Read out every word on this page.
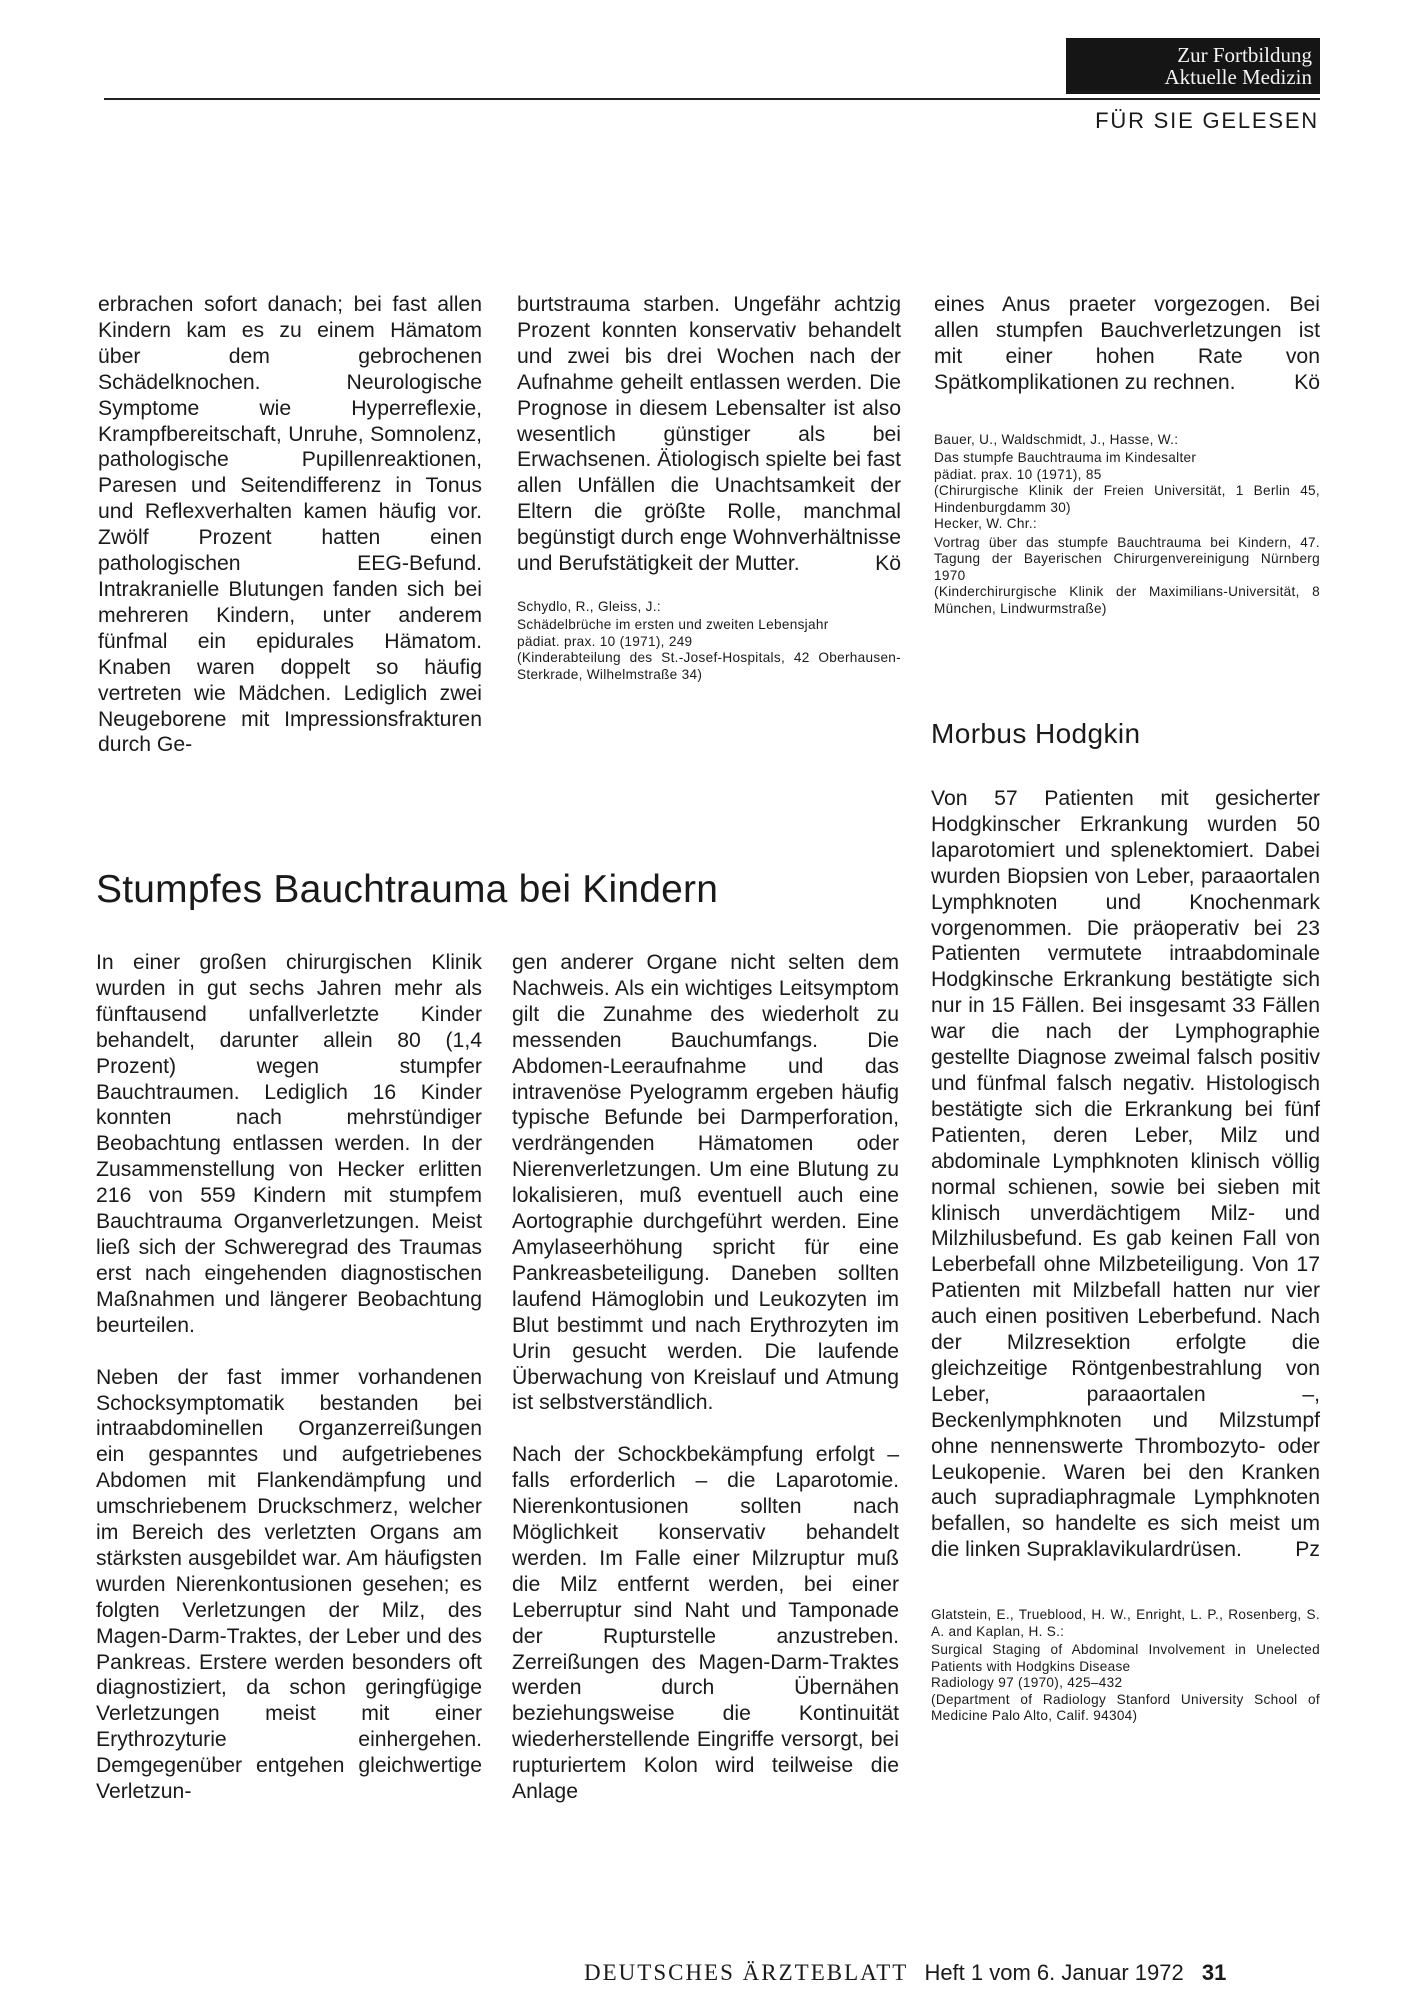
Zur Fortbildung
Aktuelle Medizin
FÜR SIE GELESEN

erbrachen sofort danach; bei fast allen Kindern kam es zu einem Hämatom über dem gebrochenen Schädelknochen. Neurologische Symptome wie Hyperreflexie, Krampfbereitschaft, Unruhe, Somnolenz, pathologische Pupillenreaktionen, Paresen und Seitendifferenz in Tonus und Reflexverhalten kamen häufig vor. Zwölf Prozent hatten einen pathologischen EEG-Befund. Intrakranielle Blutungen fanden sich bei mehreren Kindern, unter anderem fünfmal ein epidurales Hämatom. Knaben waren doppelt so häufig vertreten wie Mädchen. Lediglich zwei Neugeborene mit Impressionsfrakturen durch Ge-

burtstrauma starben. Ungefähr achtzig Prozent konnten konservativ behandelt und zwei bis drei Wochen nach der Aufnahme geheilt entlassen werden. Die Prognose in diesem Lebensalter ist also wesentlich günstiger als bei Erwachsenen. Ätiologisch spielte bei fast allen Unfällen die Unachtsamkeit der Eltern die größte Rolle, manchmal begünstigt durch enge Wohnverhältnisse und Berufstätigkeit der Mutter.	Kö

Schydlo, R., Gleiss, J.:
Schädelbrüche im ersten und zweiten Lebensjahr
pädiat. prax. 10 (1971), 249
(Kinderabteilung des St.-Josef-Hospitals, 42 Oberhausen-Sterkrade, Wilhelmstraße 34)
Stumpfes Bauchtrauma bei Kindern

In einer großen chirurgischen Klinik wurden in gut sechs Jahren mehr als fünftausend unfallverletzte Kinder behandelt, darunter allein 80 (1,4 Prozent) wegen stumpfer Bauchtraumen. Lediglich 16 Kinder konnten nach mehrstündiger Beobachtung entlassen werden. In der Zusammenstellung von Hecker erlitten 216 von 559 Kindern mit stumpfem Bauchtrauma Organverletzungen. Meist ließ sich der Schweregrad des Traumas erst nach eingehenden diagnostischen Maßnahmen und längerer Beobachtung beurteilen.

Neben der fast immer vorhandenen Schocksymptomatik bestanden bei intraabdominellen Organzerreißungen ein gespanntes und aufgetriebenes Abdomen mit Flankendämpfung und umschriebenem Druckschmerz, welcher im Bereich des verletzten Organs am stärksten ausgebildet war. Am häufigsten wurden Nierenkontusionen gesehen; es folgten Verletzungen der Milz, des Magen-Darm-Traktes, der Leber und des Pankreas. Erstere werden besonders oft diagnostiziert, da schon geringfügige Verletzungen meist mit einer Erythrozyturie einhergehen. Demgegenüber entgehen gleichwertige Verletzun-

gen anderer Organe nicht selten dem Nachweis. Als ein wichtiges Leitsymptom gilt die Zunahme des wiederholt zu messenden Bauchumfangs. Die Abdomen-Leeraufnahme und das intravenöse Pyelogramm ergeben häufig typische Befunde bei Darmperforation, verdrängenden Hämatomen oder Nierenverletzungen. Um eine Blutung zu lokalisieren, muß eventuell auch eine Aortographie durchgeführt werden. Eine Amylaseerhöhung spricht für eine Pankreasbeteiligung. Daneben sollten laufend Hämoglobin und Leukozyten im Blut bestimmt und nach Erythrozyten im Urin gesucht werden. Die laufende Überwachung von Kreislauf und Atmung ist selbstverständlich.

Nach der Schockbekämpfung erfolgt – falls erforderlich – die Laparotomie. Nierenkontusionen sollten nach Möglichkeit konservativ behandelt werden. Im Falle einer Milzruptur muß die Milz entfernt werden, bei einer Leberruptur sind Naht und Tamponade der Rupturstelle anzustreben. Zerreißungen des Magen-Darm-Traktes werden durch Übernähen beziehungsweise die Kontinuität wiederherstellende Eingriffe versorgt, bei rupturiertem Kolon wird teilweise die Anlage

eines Anus praeter vorgezogen. Bei allen stumpfen Bauchverletzungen ist mit einer hohen Rate von Spätkomplikationen zu rechnen.	Kö

Bauer, U., Waldschmidt, J., Hasse, W.:
Das stumpfe Bauchtrauma im Kindesalter
pädiat. prax. 10 (1971), 85
(Chirurgische Klinik der Freien Universität, 1 Berlin 45, Hindenburgdamm 30)
Hecker, W. Chr.:
Vortrag über das stumpfe Bauchtrauma bei Kindern, 47. Tagung der Bayerischen Chirurgenvereinigung Nürnberg 1970
(Kinderchirurgische Klinik der Maximilians-Universität, 8 München, Lindwurmstraße)
Morbus Hodgkin

Von 57 Patienten mit gesicherter Hodgkinscher Erkrankung wurden 50 laparotomiert und splenektomiert. Dabei wurden Biopsien von Leber, paraaortalen Lymphknoten und Knochenmark vorgenommen. Die präoperativ bei 23 Patienten vermutete intraabdominale Hodgkinsche Erkrankung bestätigte sich nur in 15 Fällen. Bei insgesamt 33 Fällen war die nach der Lymphographie gestellte Diagnose zweimal falsch positiv und fünfmal falsch negativ. Histologisch bestätigte sich die Erkrankung bei fünf Patienten, deren Leber, Milz und abdominale Lymphknoten klinisch völlig normal schienen, sowie bei sieben mit klinisch unverdächtigem Milz- und Milzhilusbefund. Es gab keinen Fall von Leberbefall ohne Milzbeteiligung. Von 17 Patienten mit Milzbefall hatten nur vier auch einen positiven Leberbefund. Nach der Milzresektion erfolgte die gleichzeitige Röntgenbestrahlung von Leber, paraaortalen –, Beckenlymphknoten und Milzstumpf ohne nennenswerte Thrombozyto- oder Leukopenie. Waren bei den Kranken auch supradiaphragmale Lymphknoten befallen, so handelte es sich meist um die linken Supraklavikulardrüsen.	Pz

Glatstein, E., Trueblood, H. W., Enright, L. P., Rosenberg, S. A. and Kaplan, H. S.:
Surgical Staging of Abdominal Involvement in Unelected Patients with Hodgkins Disease
Radiology 97 (1970), 425–432
(Department of Radiology Stanford University School of Medicine Palo Alto, Calif. 94304)
DEUTSCHES ÄRZTEBLATT Heft 1 vom 6. Januar 1972 31
